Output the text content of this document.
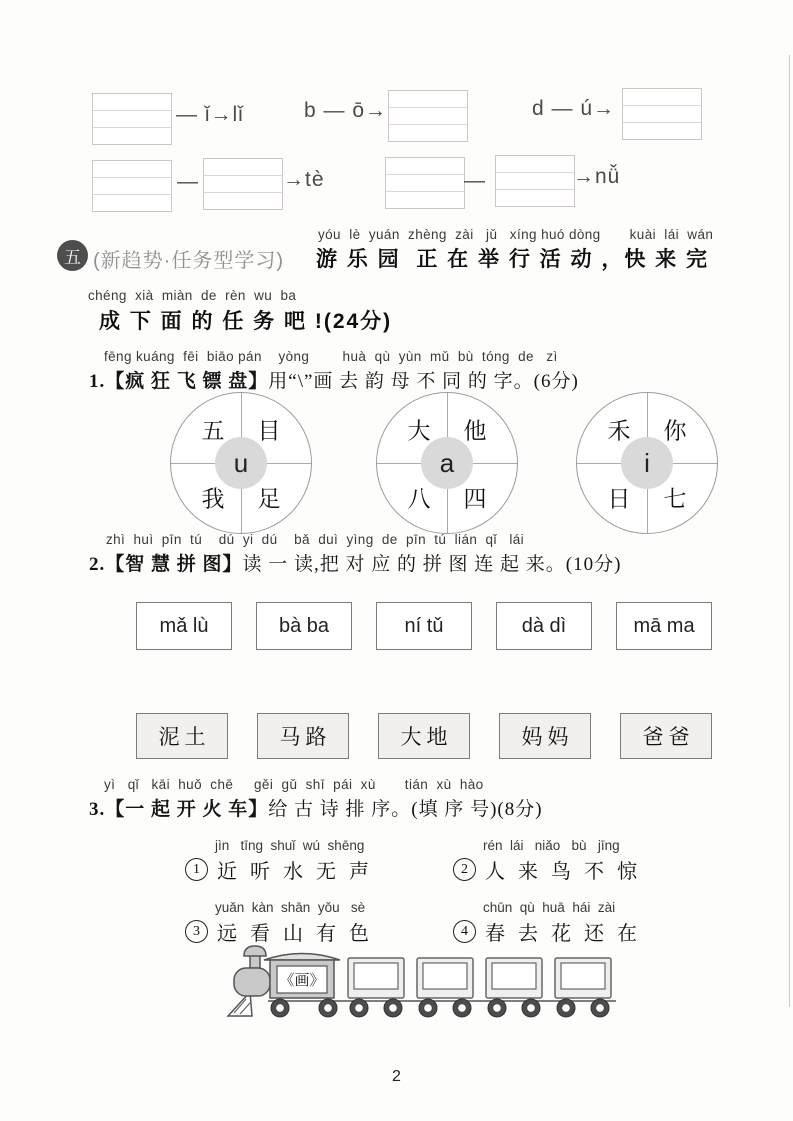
— ǐ→lǐ	b — ō→	d — ú→
—	→tè	—	→nǚ
五 (新趋势·任务型学习)
yóu  lè  yuán  zhèng  zài   jǔ   xíng huó dòng       kuài  lái  wán
游 乐 园  正 在 举 行 活 动 ，快 来 完
chéng  xià  miàn  de  rèn  wu  ba
成 下 面 的 任 务 吧 !(24分)
fēng kuáng  fēi  biāo pán    yòng        huà  qù  yùn  mǔ  bù  tóng  de   zì
1.【疯 狂 飞 镖 盘】用“\”画 去 韵 母 不 同 的 字。(6分)
五 目
我 足
u
大 他
八 四
a
禾 你
日 七
i
zhì  huì  pīn  tú    dú  yi  dú    bǎ  duì  yìng  de  pīn  tú  lián  qǐ   lái
2.【智 慧 拼 图】读 一 读,把 对 应 的 拼 图 连 起 来。(10分)
mǎ lù	bà ba	ní tǔ	dà dì	mā ma
泥土	马路	大地	妈妈	爸爸
yì   qǐ   kāi  huǒ  chē     gěi  gǔ  shī  pái  xù       tián  xù  hào
3.【一 起 开 火 车】给 古 诗 排 序。(填 序 号)(8分)
jìn   tīng  shuǐ  wú  shēng
1 近 听 水 无 声
rén  lái   niǎo   bù   jīng
2 人 来 鸟 不 惊
yuǎn  kàn  shān  yǒu   sè
3 远 看 山 有 色
chūn  qù  huā  hái  zài
4 春 去 花 还 在
《画》
2
